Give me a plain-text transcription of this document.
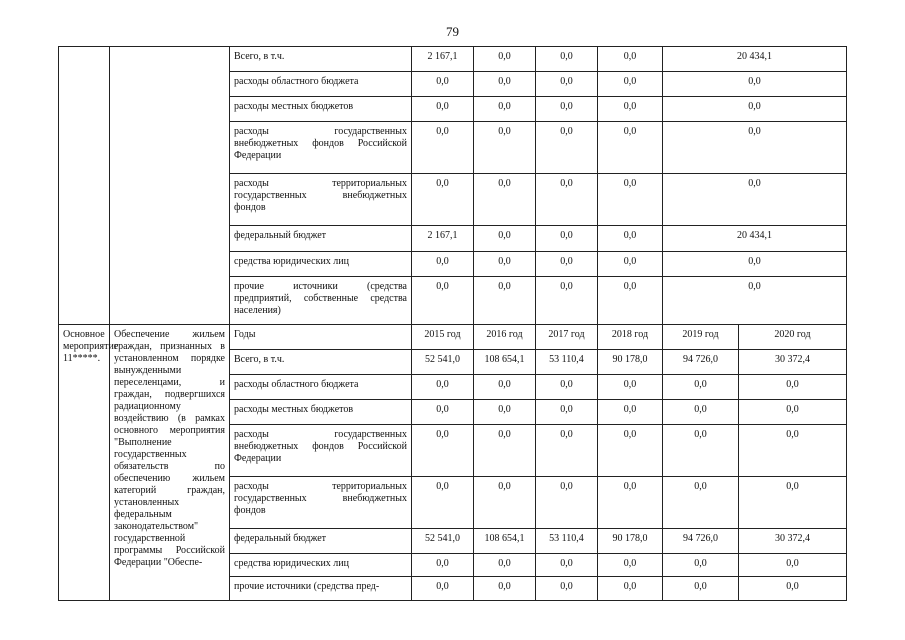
79
		Всего, в т.ч.	2 167,1	0,0	0,0	0,0	20 434,1	
		расходы областного бюджета	0,0	0,0	0,0	0,0	0,0	
		расходы местных бюджетов	0,0	0,0	0,0	0,0	0,0	
		расходы государственных внебюджетных фондов Российской Федерации	0,0	0,0	0,0	0,0	0,0	
		расходы территориальных государственных внебюджетных фондов	0,0	0,0	0,0	0,0	0,0	
		федеральный бюджет	2 167,1	0,0	0,0	0,0	20 434,1	
		средства юридических лиц	0,0	0,0	0,0	0,0	0,0	
		прочие источники (средства предприятий, собственные средства населения)	0,0	0,0	0,0	0,0	0,0	
Основное мероприятие 11*****.	Обеспечение жильем граждан, признанных в установленном порядке вынужденными переселенцами, и граждан, подвергшихся радиационному воздействию (в рамках основного мероприятия "Выполнение государственных обязательств по обеспечению жильем категорий граждан, установленных федеральным законодательством" государственной программы Российской Федерации "Обеспе-	Годы	2015 год	2016 год	2017 год	2018 год	2019 год	2020 год
		Всего, в т.ч.	52 541,0	108 654,1	53 110,4	90 178,0	94 726,0	30 372,4
		расходы областного бюджета	0,0	0,0	0,0	0,0	0,0	0,0
		расходы местных бюджетов	0,0	0,0	0,0	0,0	0,0	0,0
		расходы государственных внебюджетных фондов Российской Федерации	0,0	0,0	0,0	0,0	0,0	0,0
		расходы территориальных государственных внебюджетных фондов	0,0	0,0	0,0	0,0	0,0	0,0
		федеральный бюджет	52 541,0	108 654,1	53 110,4	90 178,0	94 726,0	30 372,4
		средства юридических лиц	0,0	0,0	0,0	0,0	0,0	0,0

		прочие источники (средства пред-	0,0	0,0	0,0	0,0	0,0	0,0
